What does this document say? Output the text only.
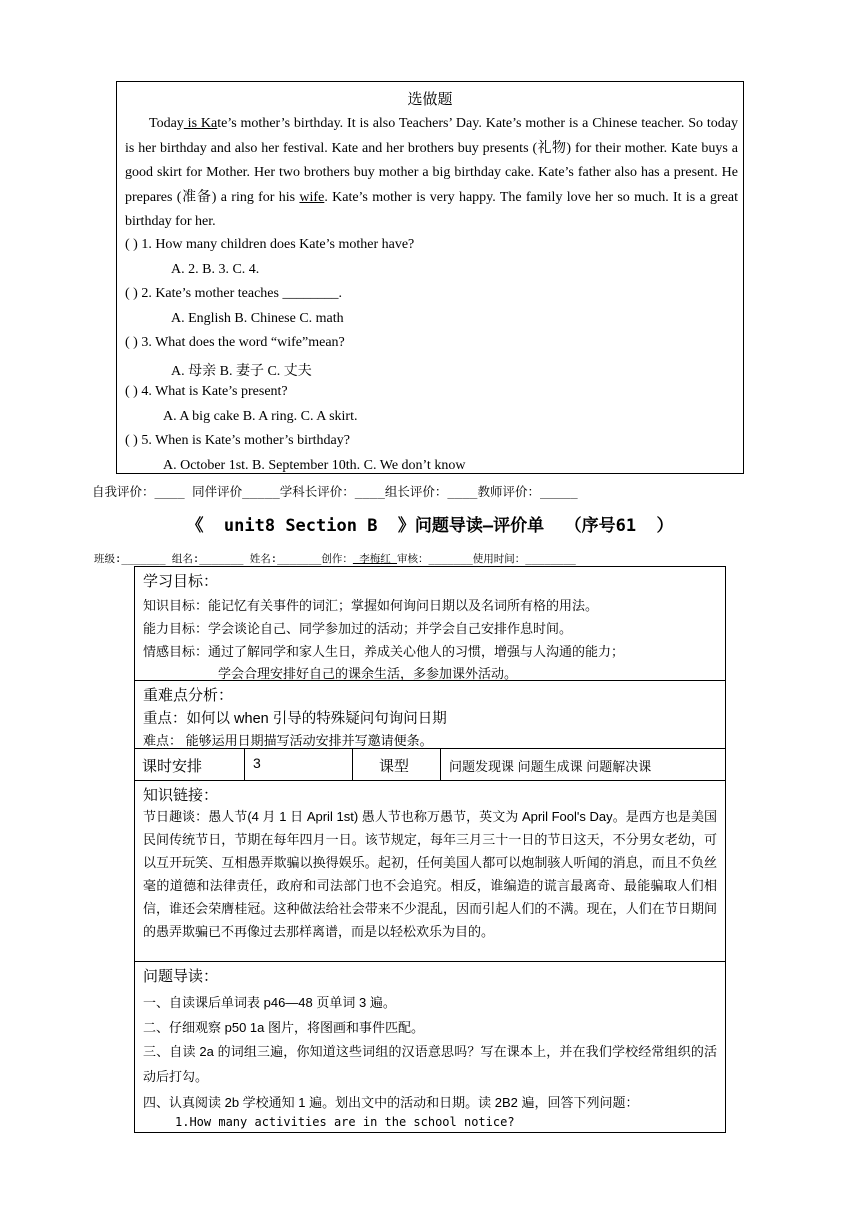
选做题

Today is Kate’s mother’s birthday. It is also Teachers’ Day. Kate’s mother is a Chinese teacher. So today is her birthday and also her festival. Kate and her brothers buy presents (礼物) for their mother. Kate buys a good skirt for Mother. Her two brothers buy mother a big birthday cake. Kate’s father also has a present. He prepares (准备) a ring for his wife. Kate’s mother is very happy. The family love her so much. It is a great birthday for her.

( ) 1. How many children does Kate’s mother have?
A. 2. B. 3. C. 4.
( ) 2. Kate’s mother teaches ________.
A. English B. Chinese C. math
( ) 3. What does the word “wife”mean?
A. 母亲 B. 妻子 C. 丈夫
( ) 4. What is Kate’s present?
A. A big cake B. A ring. C. A skirt.
( ) 5. When is Kate’s mother’s birthday?
A. October 1st. B. September 10th. C. We don’t know
自我评价：____ 同伴评价_____学科长评价：____组长评价：____教师评价：_____
《  unit8 Section B  》问题导读—评价单  （序号61  ）
班级:_______ 组名:_______ 姓名:_______创作： 李梅红 审核：_______使用时间：________
学习目标：
知识目标：能记忆有关事件的词汇；掌握如何询问日期以及名词所有格的用法。
能力目标：学会谈论自己、同学参加过的活动；并学会自己安排作息时间。
情感目标：通过了解同学和家人生日，养成关心他人的习惯，增强与人沟通的能力；
学会合理安排好自己的课余生活，多参加课外活动。
重难点分析：
重点：如何以 when 引导的特殊疑问句询问日期
难点： 能够运用日期描写活动安排并写邀请便条。
课时安排	3	课型	问题发现课 问题生成课 问题解决课
知识链接：
节日趣谈：愚人节(4 月 1 日 April 1st) 愚人节也称万愚节，英文为 April Fool's Day。是西方也是美国民间传统节日，节期在每年四月一日。该节规定，每年三月三十一日的节日这天，不分男女老幼，可以互开玩笑、互相愚弄欺骗以换得娱乐。起初，任何美国人都可以炮制骇人听闻的消息，而且不负丝毫的道德和法律责任，政府和司法部门也不会追究。相反，谁编造的谎言最离奇、最能骗取人们相信，谁还会荣膺桂冠。这种做法给社会带来不少混乱，因而引起人们的不满。现在，人们在节日期间的愚弄欺骗已不再像过去那样离谱，而是以轻松欢乐为目的。
问题导读：
一、自读课后单词表 p46—48 页单词 3 遍。
二、仔细观察 p50 1a 图片，将图画和事件匹配。
三、自读 2a 的词组三遍，你知道这些词组的汉语意思吗？写在课本上，并在我们学校经常组织的活动后打勾。
四、认真阅读 2b 学校通知 1 遍。划出文中的活动和日期。读 2B2 遍，回答下列问题：
1.How many activities are in the school notice?
